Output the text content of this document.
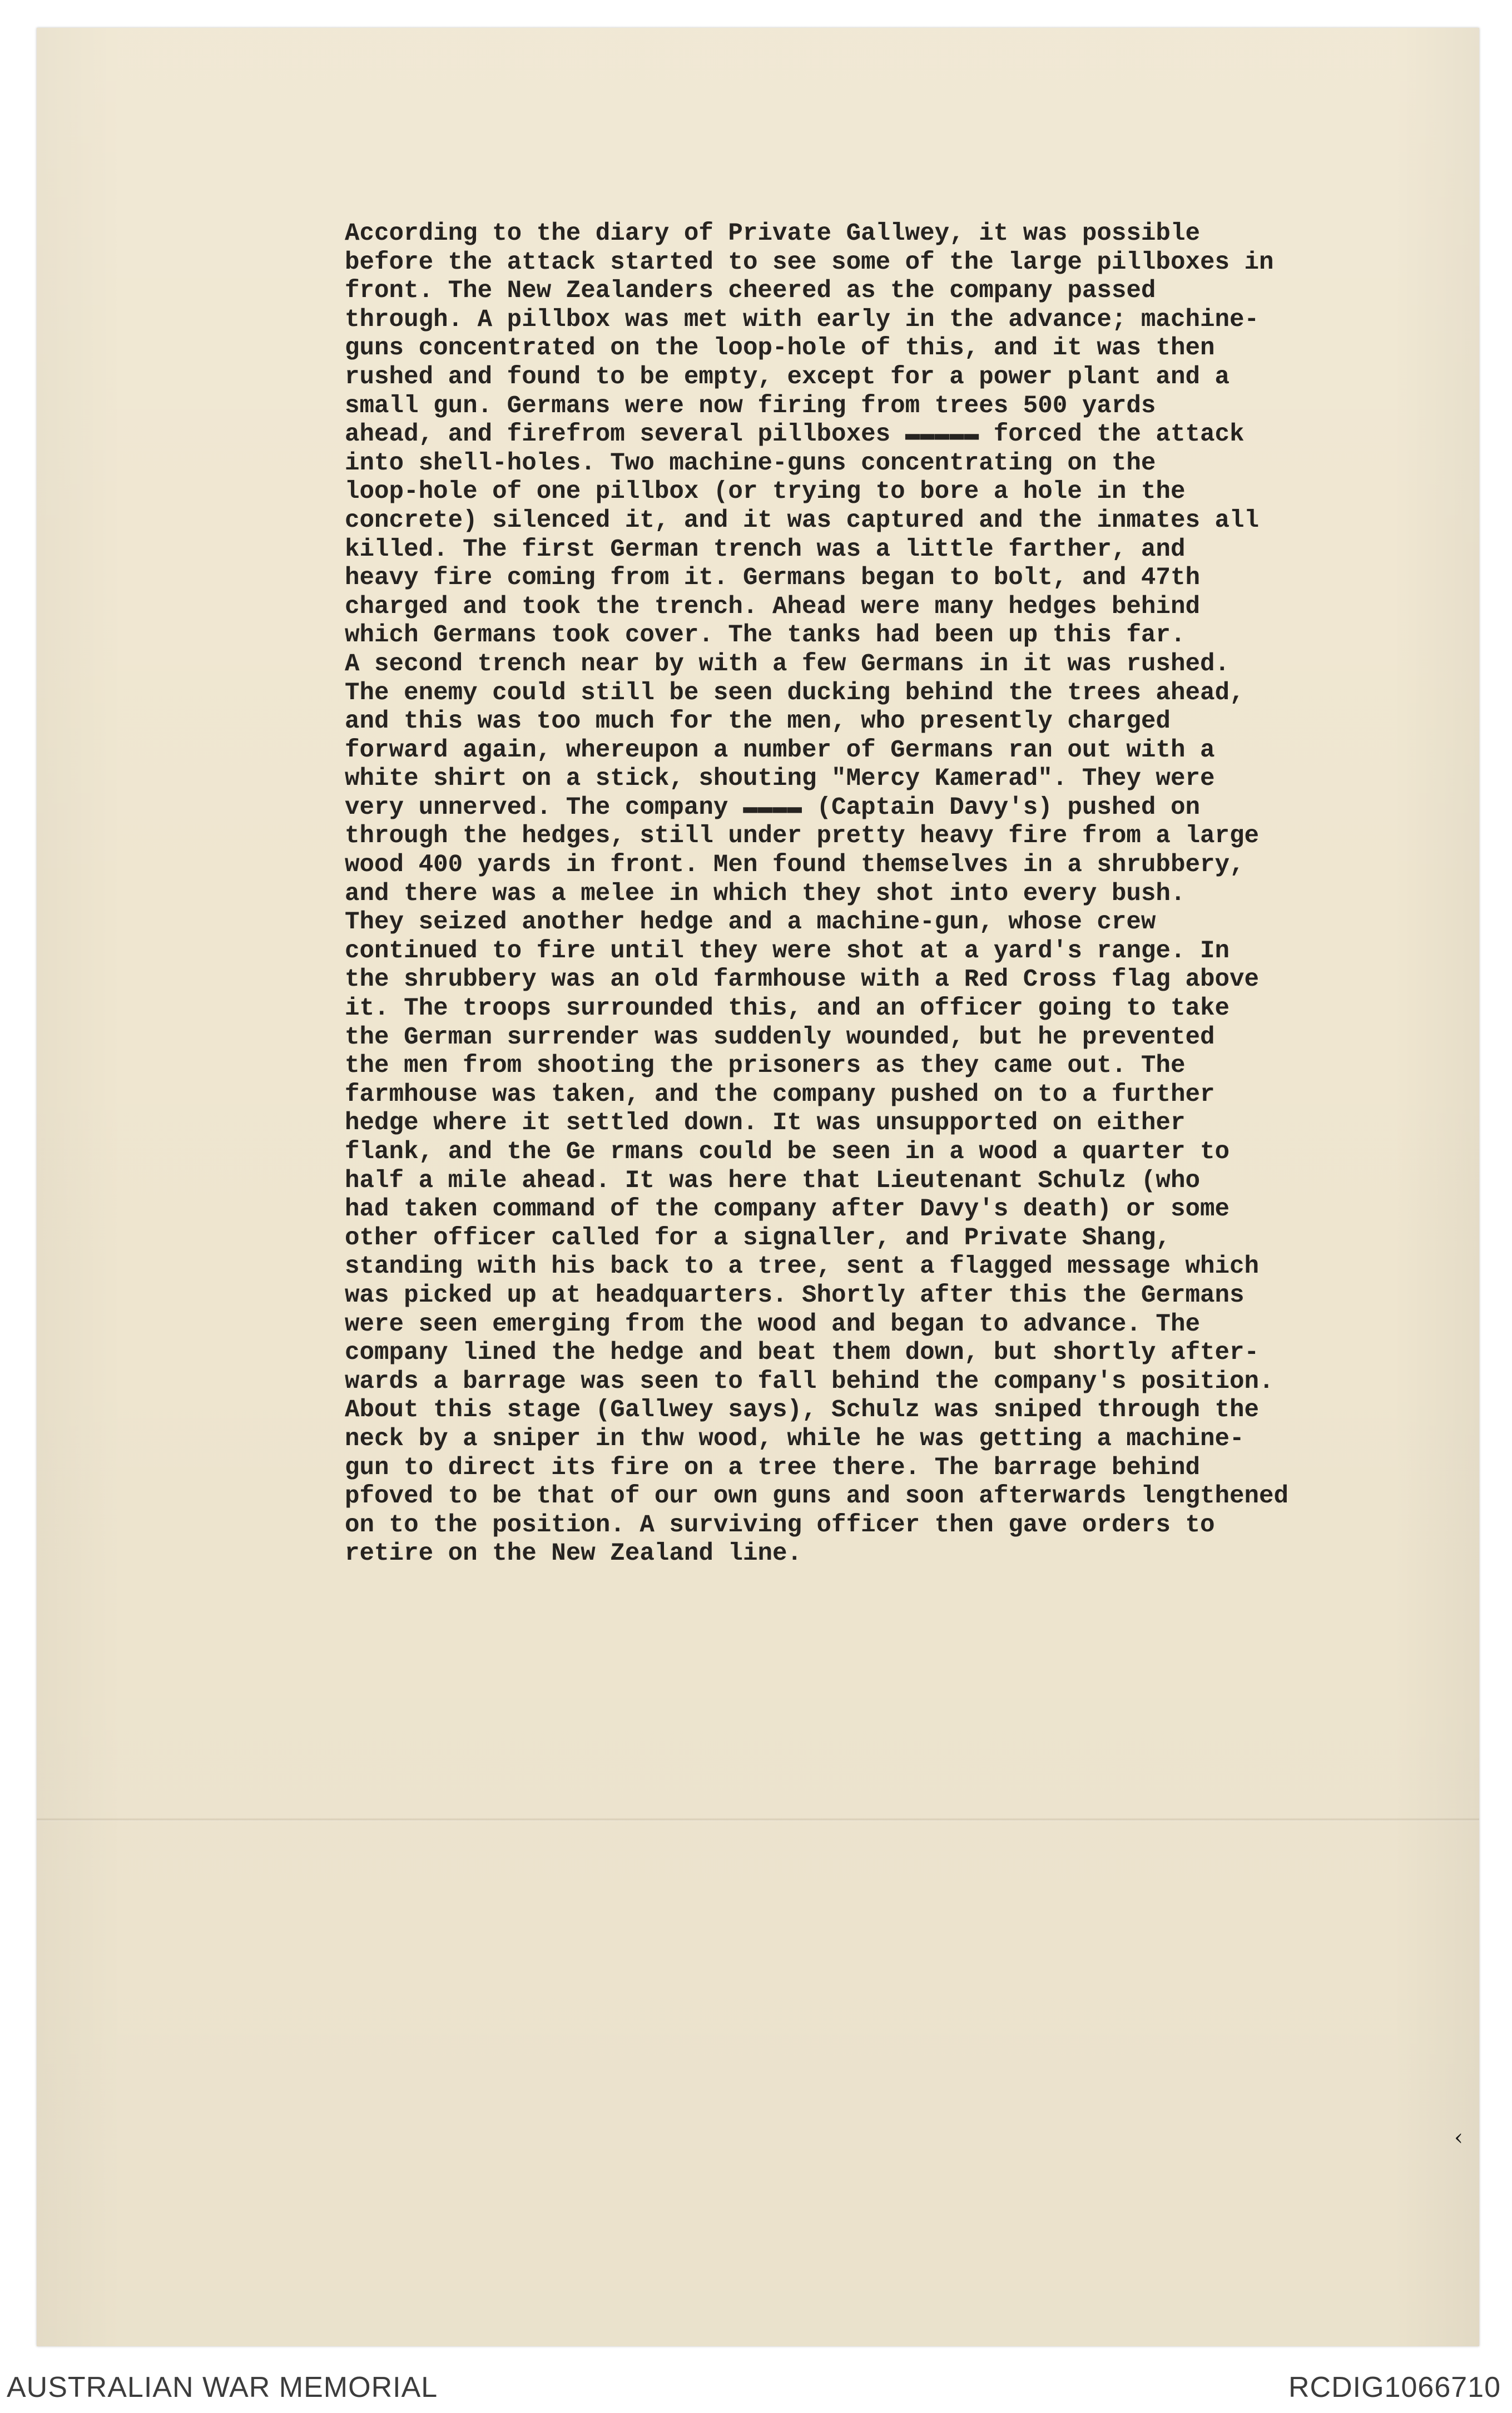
According to the diary of Private Gallwey, it was possible
before the attack started to see some of the large pillboxes in
front. The New Zealanders cheered as the company passed
through. A pillbox was met with early in the advance; machine-
guns concentrated on the loop-hole of this, and it was then
rushed and found to be empty, except for a power plant and a
small gun. Germans were now firing from trees 500 yards
ahead, and firefrom several pillboxes ▬▬▬▬▬ forced the attack
into shell-holes. Two machine-guns concentrating on the
loop-hole of one pillbox (or trying to bore a hole in the
concrete) silenced it, and it was captured and the inmates all
killed. The first German trench was a little farther, and
heavy fire coming from it. Germans began to bolt, and 47th
charged and took the trench. Ahead were many hedges behind
which Germans took cover. The tanks had been up this far.
A second trench near by with a few Germans in it was rushed.
The enemy could still be seen ducking behind the trees ahead,
and this was too much for the men, who presently charged
forward again, whereupon a number of Germans ran out with a
white shirt on a stick, shouting "Mercy Kamerad". They were
very unnerved. The company ▬▬▬▬ (Captain Davy's) pushed on
through the hedges, still under pretty heavy fire from a large
wood 400 yards in front. Men found themselves in a shrubbery,
and there was a melee in which they shot into every bush.
They seized another hedge and a machine-gun, whose crew
continued to fire until they were shot at a yard's range. In
the shrubbery was an old farmhouse with a Red Cross flag above
it. The troops surrounded this, and an officer going to take
the German surrender was suddenly wounded, but he prevented
the men from shooting the prisoners as they came out. The
farmhouse was taken, and the company pushed on to a further
hedge where it settled down. It was unsupported on either
flank, and the Ge rmans could be seen in a wood a quarter to
half a mile ahead. It was here that Lieutenant Schulz (who
had taken command of the company after Davy's death) or some
other officer called for a signaller, and Private Shang,
standing with his back to a tree, sent a flagged message which
was picked up at headquarters. Shortly after this the Germans
were seen emerging from the wood and began to advance. The
company lined the hedge and beat them down, but shortly after-
wards a barrage was seen to fall behind the company's position.
About this stage (Gallwey says), Schulz was sniped through the
neck by a sniper in thw wood, while he was getting a machine-
gun to direct its fire on a tree there. The barrage behind
pfoved to be that of our own guns and soon afterwards lengthened
on to the position. A surviving officer then gave orders to
retire on the New Zealand line.
‹
AUSTRALIAN WAR MEMORIAL	RCDIG1066710
